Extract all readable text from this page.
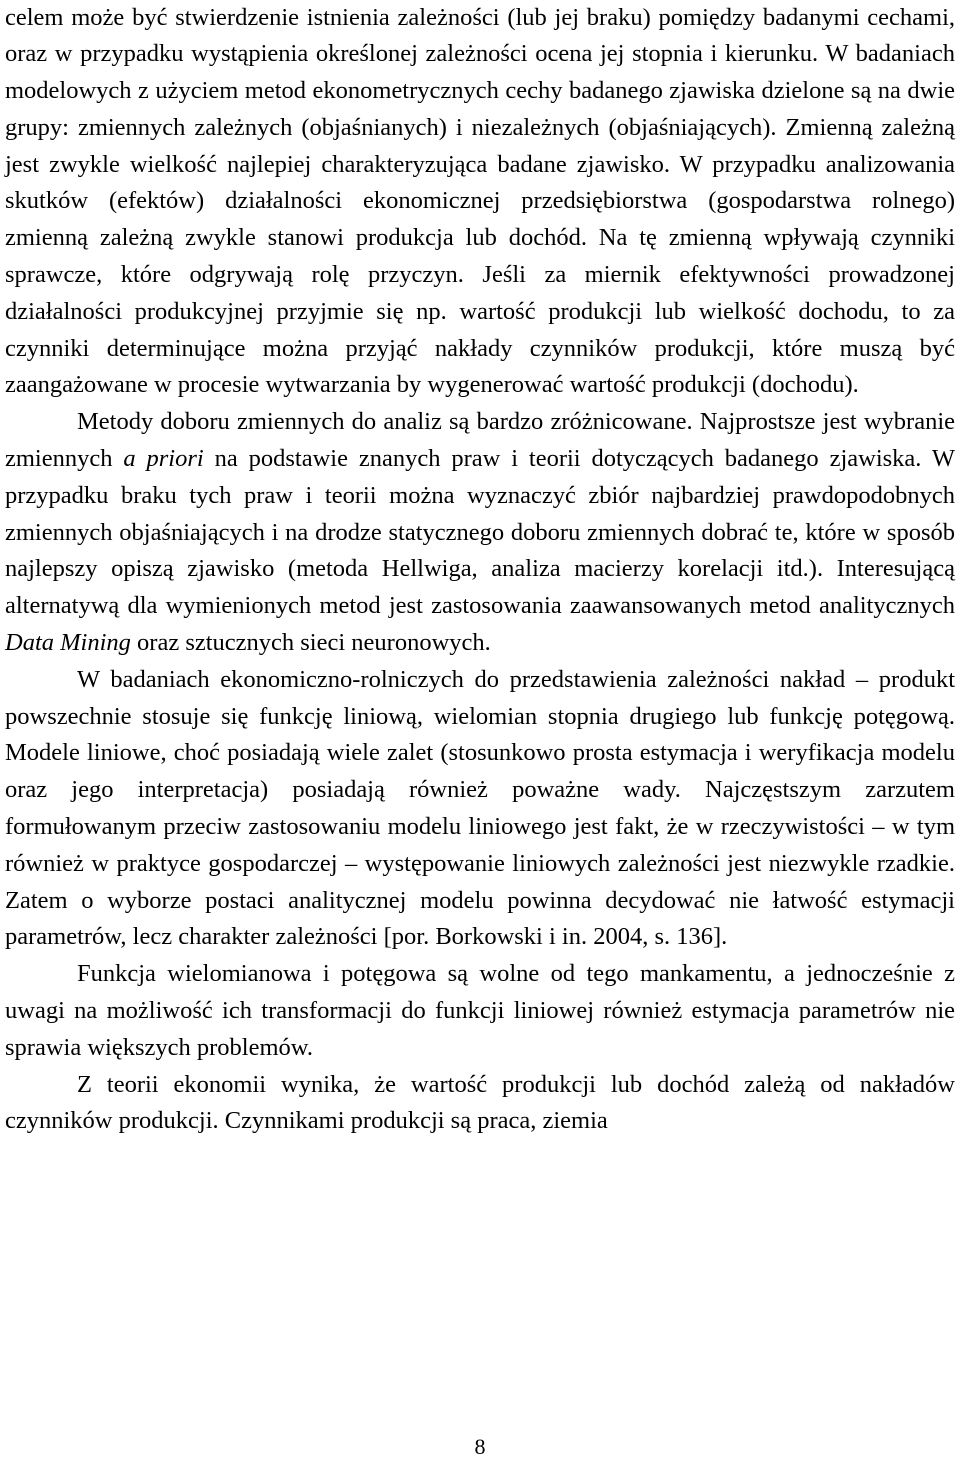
celem może być stwierdzenie istnienia zależności (lub jej braku) pomiędzy badanymi cechami, oraz w przypadku wystąpienia określonej zależności ocena jej stopnia i kierunku. W badaniach modelowych z użyciem metod ekonometrycznych cechy badanego zjawiska dzielone są na dwie grupy: zmiennych zależnych (objaśnianych) i niezależnych (objaśniających). Zmienną zależną jest zwykle wielkość najlepiej charakteryzująca badane zjawisko. W przypadku analizowania skutków (efektów) działalności ekonomicznej przedsiębiorstwa (gospodarstwa rolnego) zmienną zależną zwykle stanowi produkcja lub dochód. Na tę zmienną wpływają czynniki sprawcze, które odgrywają rolę przyczyn. Jeśli za miernik efektywności prowadzonej działalności produkcyjnej przyjmie się np. wartość produkcji lub wielkość dochodu, to za czynniki determinujące można przyjąć nakłady czynników produkcji, które muszą być zaangażowane w procesie wytwarzania by wygenerować wartość produkcji (dochodu).

Metody doboru zmiennych do analiz są bardzo zróżnicowane. Najprostsze jest wybranie zmiennych a priori na podstawie znanych praw i teorii dotyczących badanego zjawiska. W przypadku braku tych praw i teorii można wyznaczyć zbiór najbardziej prawdopodobnych zmiennych objaśniających i na drodze statycznego doboru zmiennych dobrać te, które w sposób najlepszy opiszą zjawisko (metoda Hellwiga, analiza macierzy korelacji itd.). Interesującą alternatywą dla wymienionych metod jest zastosowania zaawansowanych metod analitycznych Data Mining oraz sztucznych sieci neuronowych.

W badaniach ekonomiczno-rolniczych do przedstawienia zależności nakład – produkt powszechnie stosuje się funkcję liniową, wielomian stopnia drugiego lub funkcję potęgową. Modele liniowe, choć posiadają wiele zalet (stosunkowo prosta estymacja i weryfikacja modelu oraz jego interpretacja) posiadają również poważne wady. Najczęstszym zarzutem formułowanym przeciw zastosowaniu modelu liniowego jest fakt, że w rzeczywistości – w tym również w praktyce gospodarczej – występowanie liniowych zależności jest niezwykle rzadkie. Zatem o wyborze postaci analitycznej modelu powinna decydować nie łatwość estymacji parametrów, lecz charakter zależności [por. Borkowski i in. 2004, s. 136].

Funkcja wielomianowa i potęgowa są wolne od tego mankamentu, a jednocześnie z uwagi na możliwość ich transformacji do funkcji liniowej również estymacja parametrów nie sprawia większych problemów.

Z teorii ekonomii wynika, że wartość produkcji lub dochód zależą od nakładów czynników produkcji. Czynnikami produkcji są praca, ziemia

8
